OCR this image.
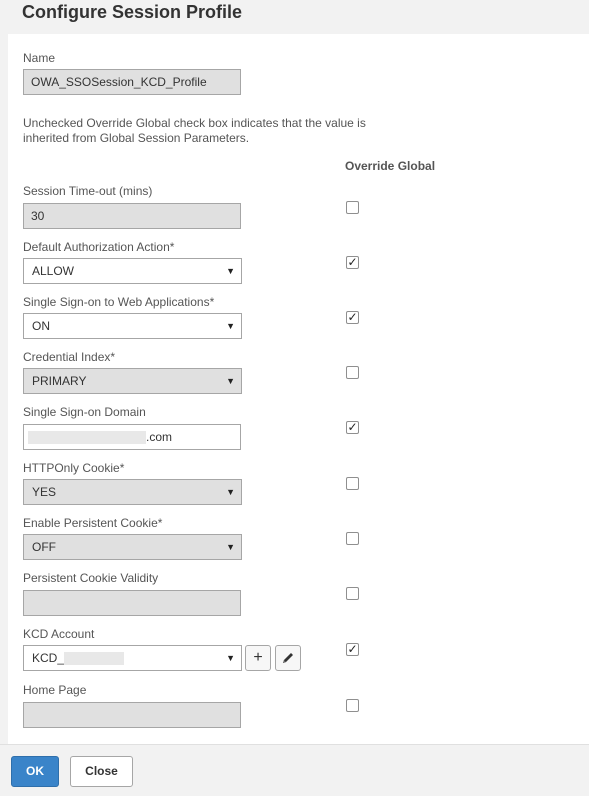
Configure Session Profile
Name
OWA_SSOSession_KCD_Profile
Unchecked Override Global check box indicates that the value is inherited from Global Session Parameters.
Override Global
Session Time-out (mins)
30
Default Authorization Action*
ALLOW	▼
✓
Single Sign-on to Web Applications*
ON	▼
✓
Credential Index*
PRIMARY	▼
Single Sign-on Domain
.com
✓
HTTPOnly Cookie*
YES	▼
Enable Persistent Cookie*
OFF	▼
Persistent Cookie Validity
KCD Account
KCD_	▼	+	✓
Home Page
OK	Close
